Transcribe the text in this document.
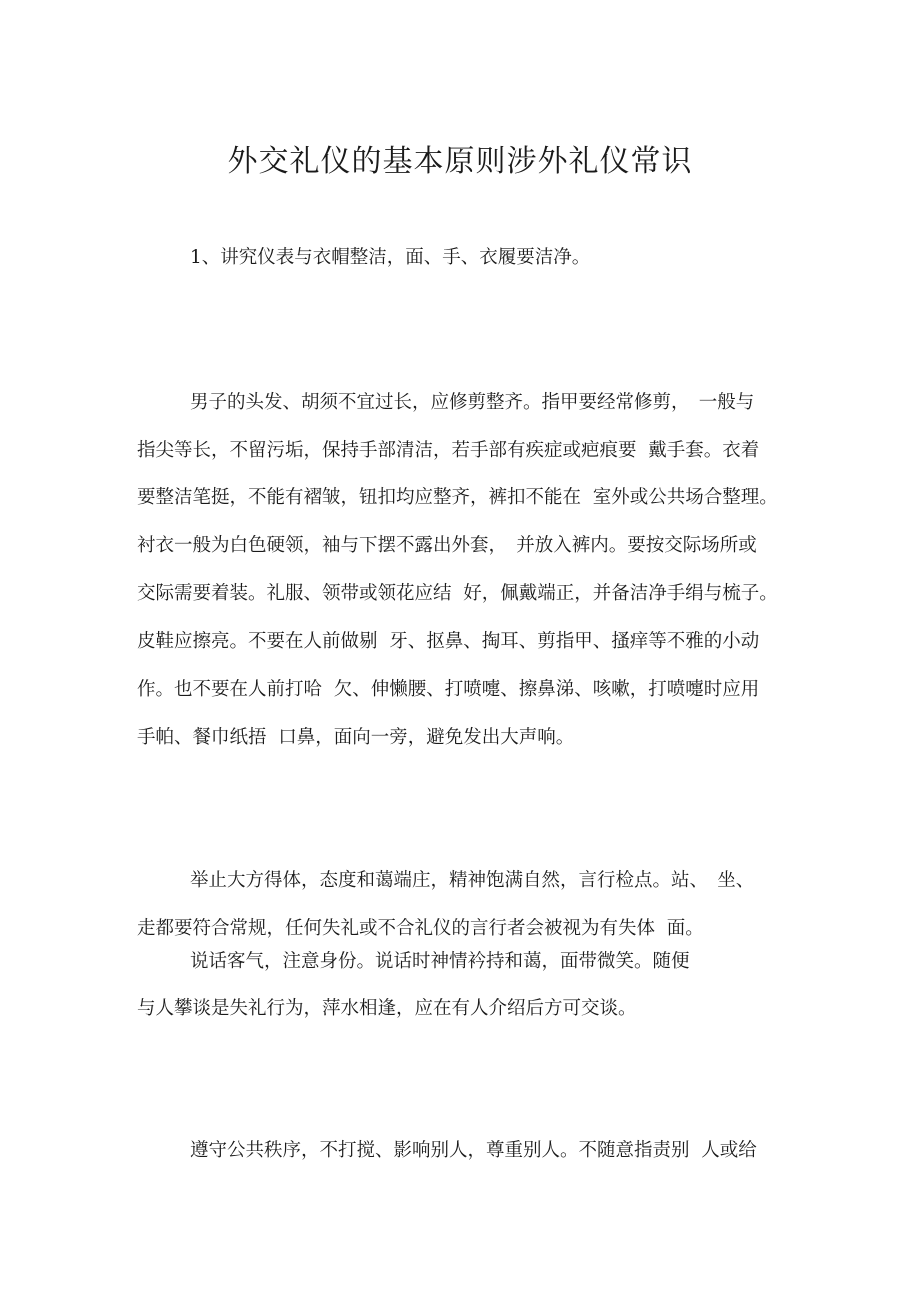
外交礼仪的基本原则涉外礼仪常识
1、讲究仪表与衣帽整洁，面、手、衣履要洁净。
男子的头发、胡须不宜过长，应修剪整齐。指甲要经常修剪，　一般与
指尖等长，不留污垢，保持手部清洁，若手部有疾症或疤痕要  戴手套。衣着
要整洁笔挺，不能有褶皱，钮扣均应整齐，裤扣不能在  室外或公共场合整理。
衬衣一般为白色硬领，袖与下摆不露出外套，　并放入裤内。要按交际场所或
交际需要着装。礼服、领带或领花应结  好，佩戴端正，并备洁净手绢与梳子。
皮鞋应擦亮。不要在人前做剔  牙、抠鼻、掏耳、剪指甲、搔痒等不雅的小动
作。也不要在人前打哈  欠、伸懒腰、打喷嚏、擦鼻涕、咳嗽，打喷嚏时应用
手帕、餐巾纸捂  口鼻，面向一旁，避免发出大声响。
举止大方得体，态度和蔼端庄，精神饱满自然，言行检点。站、　坐、
走都要符合常规，任何失礼或不合礼仪的言行者会被视为有失体  面。
说话客气，注意身份。说话时神情衿持和蔼，面带微笑。随便
与人攀谈是失礼行为，萍水相逢，应在有人介绍后方可交谈。
遵守公共秩序，不打搅、影响别人，尊重别人。不随意指责别  人或给
